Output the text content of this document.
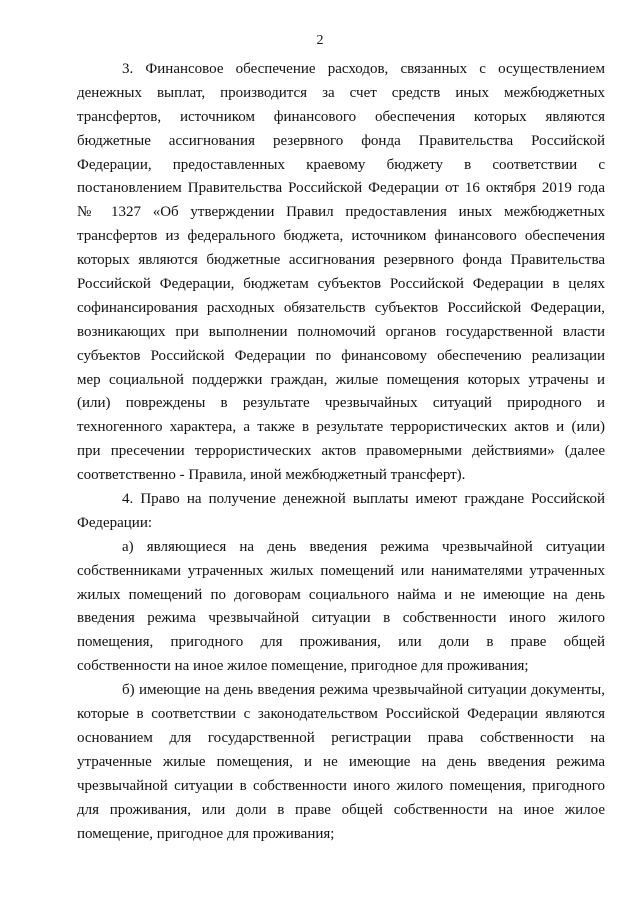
2
3. Финансовое обеспечение расходов, связанных с осуществлением
денежных выплат, производится за счет средств иных межбюджетных
трансфертов, источником финансового обеспечения которых являются
бюджетные ассигнования резервного фонда Правительства Российской
Федерации, предоставленных краевому бюджету в соответствии с
постановлением Правительства Российской Федерации от 16 октября 2019 года
№ 1327 «Об утверждении Правил предоставления иных межбюджетных
трансфертов из федерального бюджета, источником финансового обеспечения
которых являются бюджетные ассигнования резервного фонда Правительства
Российской Федерации, бюджетам субъектов Российской Федерации в целях
софинансирования расходных обязательств субъектов Российской Федерации,
возникающих при выполнении полномочий органов государственной власти
субъектов Российской Федерации по финансовому обеспечению реализации
мер социальной поддержки граждан, жилые помещения которых утрачены и
(или) повреждены в результате чрезвычайных ситуаций природного и
техногенного характера, а также в результате террористических актов и (или)
при пресечении террористических актов правомерными действиями» (далее
соответственно - Правила, иной межбюджетный трансферт).
4. Право на получение денежной выплаты имеют граждане Российской
Федерации:
а) являющиеся на день введения режима чрезвычайной ситуации
собственниками утраченных жилых помещений или нанимателями утраченных
жилых помещений по договорам социального найма и не имеющие на день
введения режима чрезвычайной ситуации в собственности иного жилого
помещения, пригодного для проживания, или доли в праве общей
собственности на иное жилое помещение, пригодное для проживания;
б) имеющие на день введения режима чрезвычайной ситуации документы,
которые в соответствии с законодательством Российской Федерации являются
основанием для государственной регистрации права собственности на
утраченные жилые помещения, и не имеющие на день введения режима
чрезвычайной ситуации в собственности иного жилого помещения, пригодного
для проживания, или доли в праве общей собственности на иное жилое
помещение, пригодное для проживания;
